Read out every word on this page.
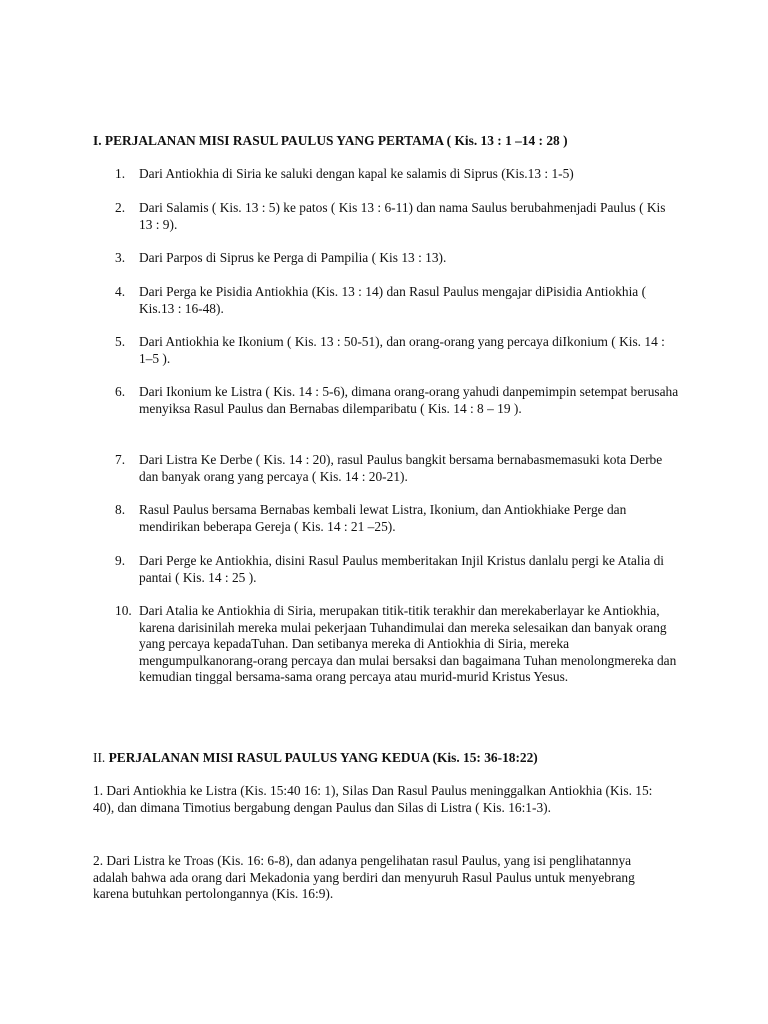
I. PERJALANAN MISI RASUL PAULUS YANG PERTAMA ( Kis. 13 : 1 –14 : 28 )
1.	Dari Antiokhia di Siria ke saluki dengan kapal ke salamis di Siprus (Kis.13 : 1-5)
2.	Dari Salamis ( Kis. 13 : 5) ke patos ( Kis 13 : 6-11) dan nama Saulus berubahmenjadi Paulus ( Kis 13 : 9).
3.	Dari Parpos di Siprus ke Perga di Pampilia ( Kis 13 : 13).
4.	Dari Perga ke Pisidia Antiokhia (Kis. 13 : 14) dan Rasul Paulus mengajar diPisidia Antiokhia ( Kis.13 : 16-48).
5.	Dari Antiokhia ke Ikonium ( Kis. 13 : 50-51), dan orang-orang yang percaya diIkonium ( Kis. 14 : 1–5 ).
6.	Dari Ikonium ke Listra ( Kis. 14 : 5-6), dimana orang-orang yahudi danpemimpin setempat berusaha menyiksa Rasul Paulus dan Bernabas dilemparibatu ( Kis. 14 : 8 – 19 ).
7.	Dari Listra Ke Derbe ( Kis. 14 : 20), rasul Paulus bangkit bersama bernabasmemasuki kota Derbe dan banyak orang yang percaya ( Kis. 14 : 20-21).
8.	Rasul Paulus bersama Bernabas kembali lewat Listra, Ikonium, dan Antiokhiake Perge dan mendirikan beberapa Gereja ( Kis. 14 : 21 –25).
9.	Dari Perge ke Antiokhia, disini Rasul Paulus memberitakan Injil Kristus danlalu pergi ke Atalia di pantai ( Kis. 14 : 25 ).
10. Dari Atalia ke Antiokhia di Siria, merupakan titik-titik terakhir dan merekaberlayar ke Antiokhia, karena darisinilah mereka mulai pekerjaan Tuhandimulai dan mereka selesaikan dan banyak orang yang percaya kepadaTuhan. Dan setibanya mereka di Antiokhia di Siria, mereka mengumpulkanorang-orang percaya dan mulai bersaksi dan bagaimana Tuhan menolongmereka dan kemudian tinggal bersama-sama orang percaya atau murid-murid Kristus Yesus.
II. PERJALANAN MISI RASUL PAULUS YANG KEDUA (Kis. 15: 36-18:22)
1. Dari Antiokhia ke Listra (Kis. 15:40 16: 1), Silas Dan Rasul Paulus meninggalkan Antiokhia (Kis. 15: 40), dan dimana Timotius bergabung dengan Paulus dan Silas di Listra ( Kis. 16:1-3).
2. Dari Listra ke Troas (Kis. 16: 6-8), dan adanya pengelihatan rasul Paulus, yang isi penglihatannya adalah bahwa ada orang dari Mekadonia yang berdiri dan menyuruh Rasul Paulus untuk menyebrang karena butuhkan pertolongannya (Kis. 16:9).
